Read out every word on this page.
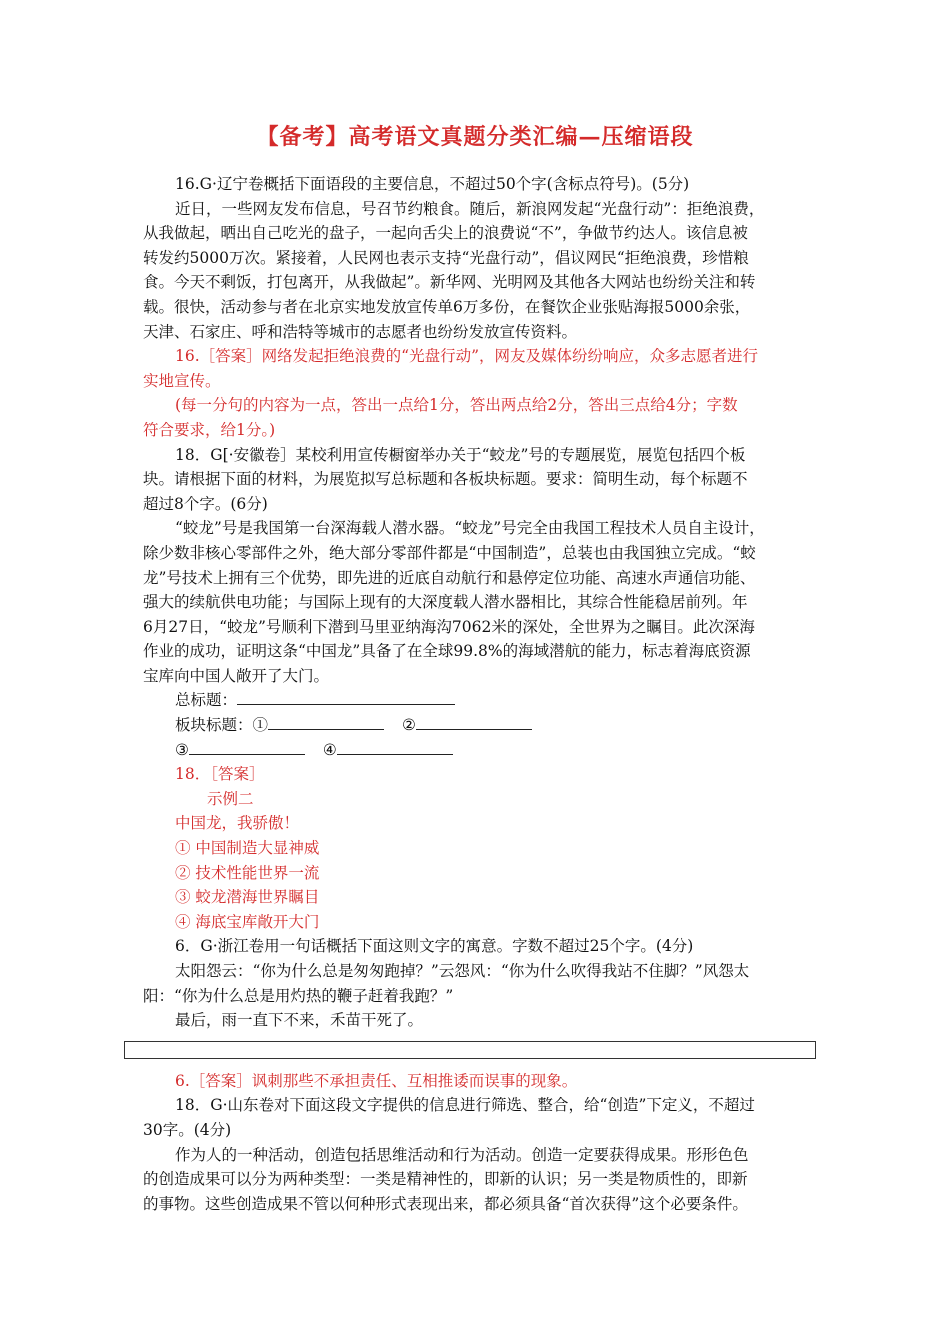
【备考】高考语文真题分类汇编—压缩语段
16.G·辽宁卷概括下面语段的主要信息，不超过50个字(含标点符号)。(5分)
近日，一些网友发布信息，号召节约粮食。随后，新浪网发起“光盘行动”：拒绝浪费，
从我做起，晒出自己吃光的盘子，一起向舌尖上的浪费说“不”，争做节约达人。该信息被
转发约5000万次。紧接着，人民网也表示支持“光盘行动”，倡议网民“拒绝浪费，珍惜粮
食。今天不剩饭，打包离开，从我做起”。新华网、光明网及其他各大网站也纷纷关注和转
载。很快，活动参与者在北京实地发放宣传单6万多份，在餐饮企业张贴海报5000余张，
天津、石家庄、呼和浩特等城市的志愿者也纷纷发放宣传资料。
16.［答案］网络发起拒绝浪费的“光盘行动”，网友及媒体纷纷响应，众多志愿者进行
实地宣传。
(每一分句的内容为一点，答出一点给1分，答出两点给2分，答出三点给4分；字数
符合要求，给1分。)
18．G[·安徽卷］某校利用宣传橱窗举办关于“蛟龙”号的专题展览，展览包括四个板
块。请根据下面的材料，为展览拟写总标题和各板块标题。要求：简明生动，每个标题不
超过8个字。(6分)
“蛟龙”号是我国第一台深海载人潜水器。“蛟龙”号完全由我国工程技术人员自主设计，
除少数非核心零部件之外，绝大部分零部件都是“中国制造”，总装也由我国独立完成。“蛟
龙”号技术上拥有三个优势，即先进的近底自动航行和悬停定位功能、高速水声通信功能、
强大的续航供电功能；与国际上现有的大深度载人潜水器相比，其综合性能稳居前列。年
6月27日，“蛟龙”号顺利下潜到马里亚纳海沟7062米的深处，全世界为之瞩目。此次深海
作业的成功，证明这条“中国龙”具备了在全球99.8%的海域潜航的能力，标志着海底资源
宝库向中国人敞开了大门。
总标题：
板块标题：①	②
③	④
18．［答案］
示例二
中国龙，我骄傲！
① 中国制造大显神威
② 技术性能世界一流
③ 蛟龙潜海世界瞩目
④ 海底宝库敞开大门
6．G·浙江卷用一句话概括下面这则文字的寓意。字数不超过25个字。(4分)
太阳怨云：“你为什么总是匆匆跑掉？”云怨风：“你为什么吹得我站不住脚？”风怨太
阳：“你为什么总是用灼热的鞭子赶着我跑？”
最后，雨一直下不来，禾苗干死了。
6.［答案］讽刺那些不承担责任、互相推诿而误事的现象。
18．G·山东卷对下面这段文字提供的信息进行筛选、整合，给“创造”下定义，不超过
30字。(4分)
作为人的一种活动，创造包括思维活动和行为活动。创造一定要获得成果。形形色色
的创造成果可以分为两种类型：一类是精神性的，即新的认识；另一类是物质性的，即新
的事物。这些创造成果不管以何种形式表现出来，都必须具备“首次获得”这个必要条件。
